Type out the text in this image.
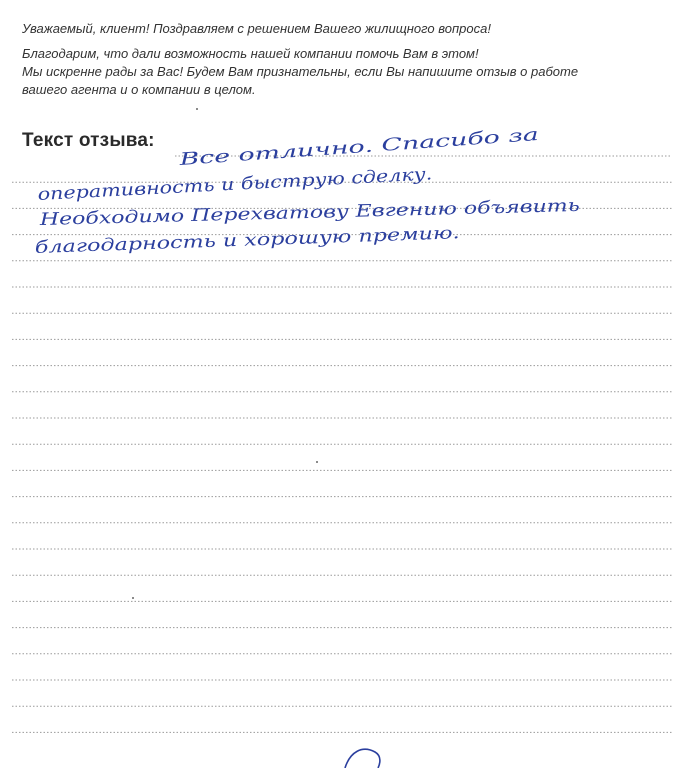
Уважаемый, клиент! Поздравляем с решением Вашего жилищного вопроса!

Благодарим, что дали возможность нашей компании помочь Вам в этом!
Мы искренне рады за Вас! Будем Вам признательны, если Вы напишите отзыв о работе
вашего агента и о компании в целом.

Текст отзыва: Все отлично. Спасибо за
оперативность и быструю сделку.
Необходимо Перехватову Евгению объявить
благодарность и хорошую премию.
